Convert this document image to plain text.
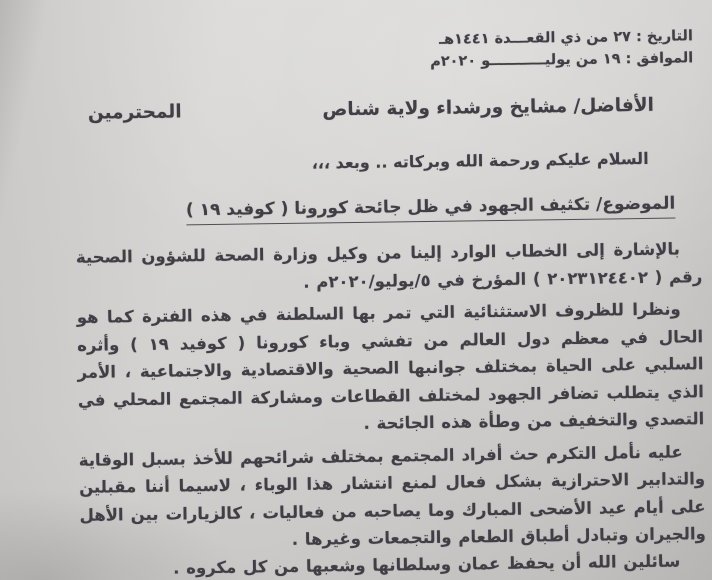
التاريخ : ٢٧ من ذي القعـــدة ١٤٤١هـ
الموافق : ١٩ من يوليـــــــــــو ٢٠٢٠م
الأفاضل/ مشايخ ورشداء ولاية شناص
المحترمين
السلام عليكم ورحمة الله وبركاته .. وبعد ،،،
الموضوع/ تكثيف الجهود في ظل جائحة كورونا ( كوفيد ١٩ )

بالإشارة إلى الخطاب الوارد إلينا من وكيل وزارة الصحة للشؤون الصحية رقم ( ٢٠٢٣١٢٤٤٠٢ ) المؤرخ في ٥/يوليو/٢٠٢٠م .

ونظرا للظروف الاستثنائية التي تمر بها السلطنة في هذه الفترة كما هو الحال في معظم دول العالم من تفشي وباء كورونا ( كوفيد ١٩ ) وأثره السلبي على الحياة بمختلف جوانبها الصحية والاقتصادية والاجتماعية ، الأمر الذي يتطلب تضافر الجهود لمختلف القطاعات ومشاركة المجتمع المحلي في التصدي والتخفيف من وطأة هذه الجائحة .

عليه نأمل التكرم حث أفراد المجتمع بمختلف شرائحهم للأخذ بسبل الوقاية والتدابير الاحترازية بشكل فعال لمنع انتشار هذا الوباء ، لاسيما أننا مقبلين على أيام عيد الأضحى المبارك وما يصاحبه من فعاليات ، كالزيارات بين الأهل والجيران وتبادل أطباق الطعام والتجمعات وغيرها .

سائلين الله أن يحفظ عمان وسلطانها وشعبها من كل مكروه .
